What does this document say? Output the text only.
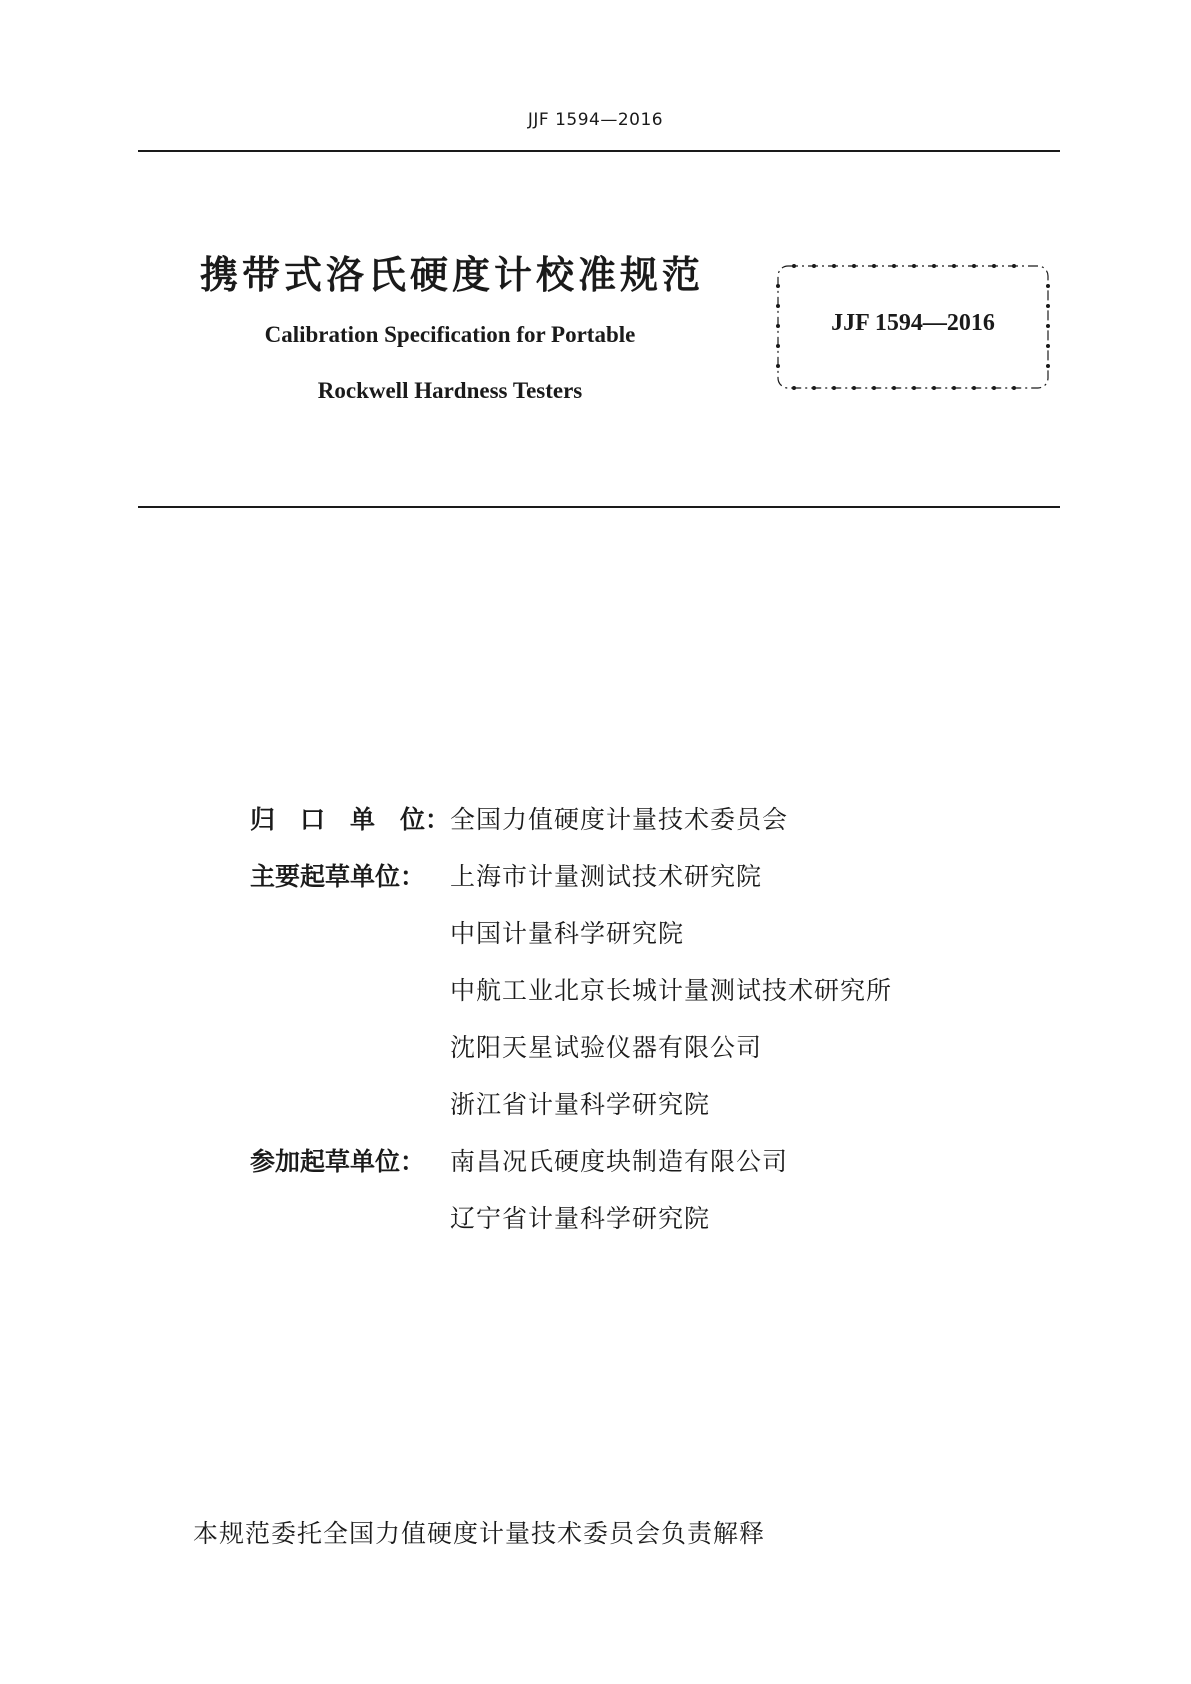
JJF 1594—2016
携带式洛氏硬度计校准规范
Calibration Specification for Portable
Rockwell Hardness Testers
JJF 1594—2016
归 口 单 位： 全国力值硬度计量技术委员会
主要起草单位： 上海市计量测试技术研究院
中国计量科学研究院
中航工业北京长城计量测试技术研究所
沈阳天星试验仪器有限公司
浙江省计量科学研究院
参加起草单位： 南昌况氏硬度块制造有限公司
辽宁省计量科学研究院
本规范委托全国力值硬度计量技术委员会负责解释
